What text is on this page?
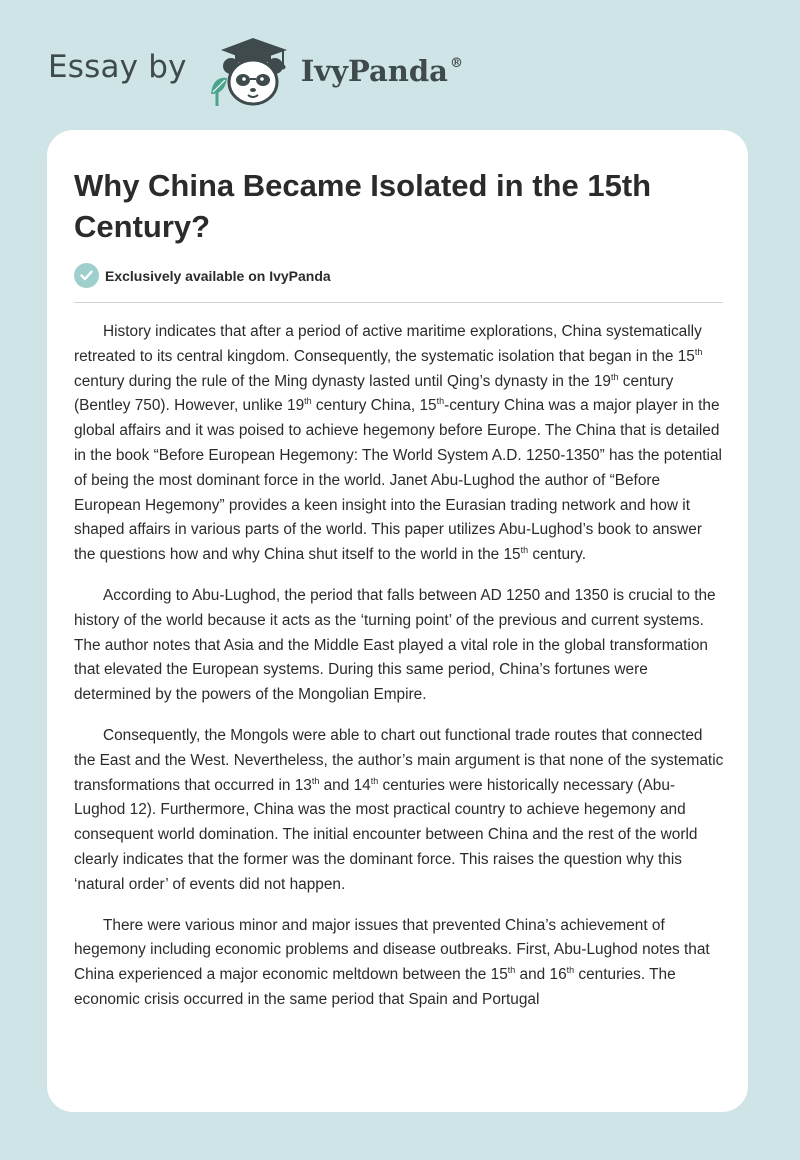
Essay by	IvyPanda ®
Why China Became Isolated in the 15th Century?
Exclusively available on IvyPanda

History indicates that after a period of active maritime explorations, China systematically retreated to its central kingdom. Consequently, the systematic isolation that began in the 15th century during the rule of the Ming dynasty lasted until Qing’s dynasty in the 19th century (Bentley 750). However, unlike 19th century China, 15th-century China was a major player in the global affairs and it was poised to achieve hegemony before Europe. The China that is detailed in the book “Before European Hegemony: The World System A.D. 1250-1350” has the potential of being the most dominant force in the world. Janet Abu-Lughod the author of “Before European Hegemony” provides a keen insight into the Eurasian trading network and how it shaped affairs in various parts of the world. This paper utilizes Abu-Lughod’s book to answer the questions how and why China shut itself to the world in the 15th century.

According to Abu-Lughod, the period that falls between AD 1250 and 1350 is crucial to the history of the world because it acts as the ‘turning point’ of the previous and current systems. The author notes that Asia and the Middle East played a vital role in the global transformation that elevated the European systems. During this same period, China’s fortunes were determined by the powers of the Mongolian Empire.

Consequently, the Mongols were able to chart out functional trade routes that connected the East and the West. Nevertheless, the author’s main argument is that none of the systematic transformations that occurred in 13th and 14th centuries were historically necessary (Abu-Lughod 12). Furthermore, China was the most practical country to achieve hegemony and consequent world domination. The initial encounter between China and the rest of the world clearly indicates that the former was the dominant force. This raises the question why this ‘natural order’ of events did not happen.

There were various minor and major issues that prevented China’s achievement of hegemony including economic problems and disease outbreaks. First, Abu-Lughod notes that China experienced a major economic meltdown between the 15th and 16th centuries. The economic crisis occurred in the same period that Spain and Portugal
